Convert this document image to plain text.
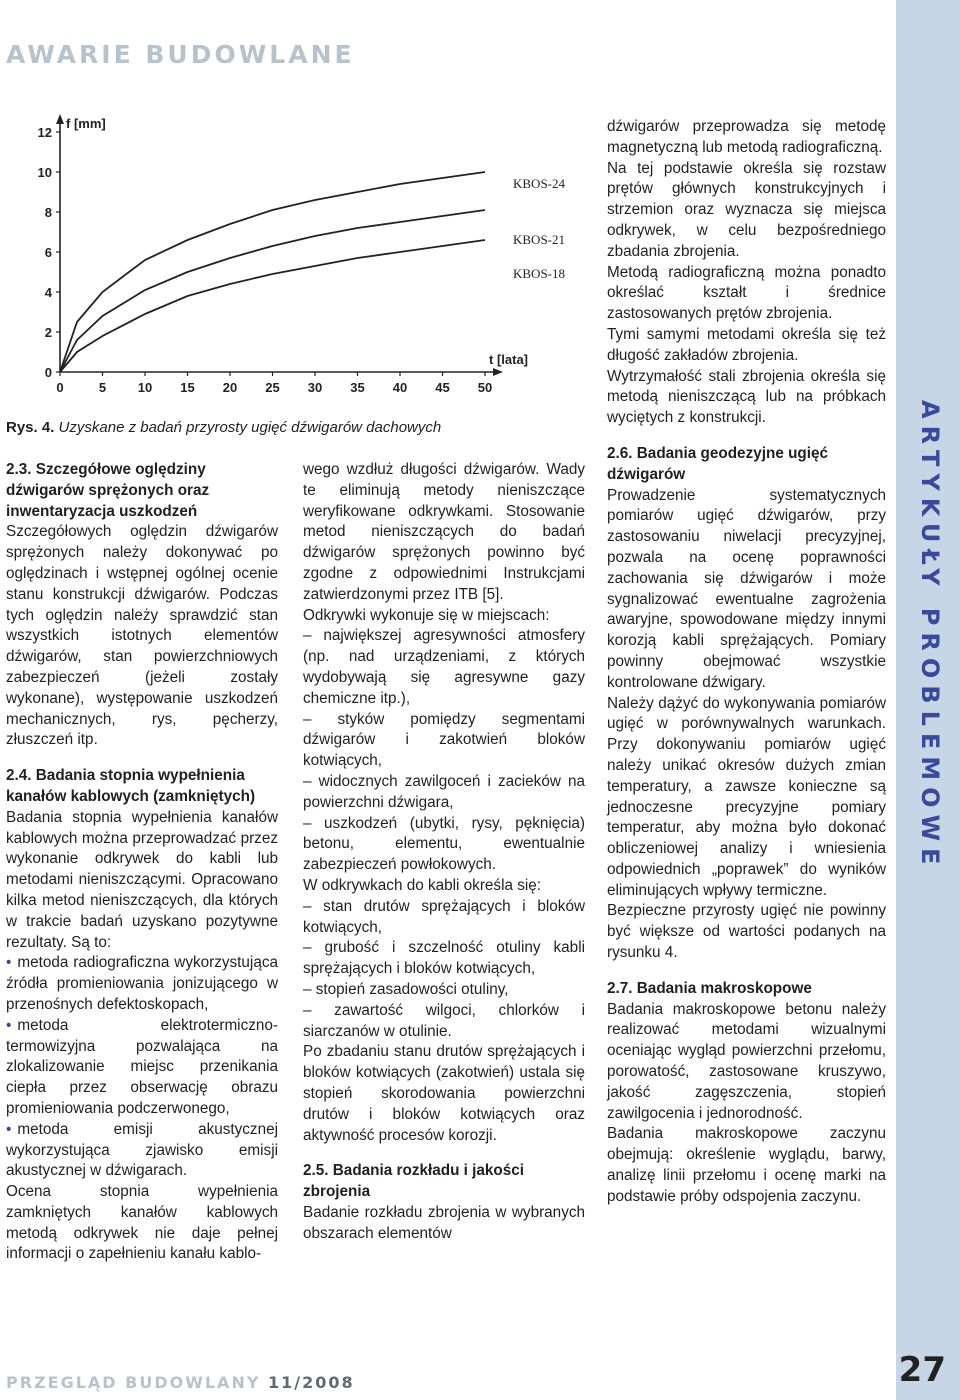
AWARIE BUDOWLANE
ARTYKUŁY PROBLEMOWE
27
0
2
4
6
8
10
12
0	5 10 15 20 25 30 35 40 45 50
f [mm]
t [lata]
KBOS-24
KBOS-21
KBOS-18
Rys. 4. Uzyskane z badań przyrosty ugięć dźwigarów dachowych
2.3. Szczegółowe oględziny dźwigarów sprężonych oraz inwentaryzacja uszkodzeń

Szczegółowych oględzin dźwigarów sprężonych należy dokonywać po oględzinach i wstępnej ogólnej ocenie stanu konstrukcji dźwigarów. Podczas tych oględzin należy sprawdzić stan wszystkich istotnych elementów dźwigarów, stan powierzchniowych zabezpieczeń (jeżeli zostały wykonane), występowanie uszkodzeń mechanicznych, rys, pęcherzy, złuszczeń itp.

2.4. Badania stopnia wypełnienia kanałów kablowych (zamkniętych)

Badania stopnia wypełnienia kanałów kablowych można przeprowadzać przez wykonanie odkrywek do kabli lub metodami nieniszczącymi. Opracowano kilka metod nieniszczących, dla których w trakcie badań uzyskano pozytywne rezultaty. Są to:

• metoda radiograficzna wykorzystująca źródła promieniowania jonizującego w przenośnych defektoskopach,

• metoda elektrotermiczno-termowizyjna pozwalająca na zlokalizowanie miejsc przenikania ciepła przez obserwację obrazu promieniowania podczerwonego,

• metoda emisji akustycznej wykorzystująca zjawisko emisji akustycznej w dźwigarach.

Ocena stopnia wypełnienia zamkniętych kanałów kablowych metodą odkrywek nie daje pełnej informacji o zapełnieniu kanału kablo-

wego wzdłuż długości dźwigarów. Wady te eliminują metody nieniszczące weryfikowane odkrywkami. Stosowanie metod nieniszczących do badań dźwigarów sprężonych powinno być zgodne z odpowiednimi Instrukcjami zatwierdzonymi przez ITB [5].

Odkrywki wykonuje się w miejscach:

– największej agresywności atmosfery (np. nad urządzeniami, z których wydobywają się agresywne gazy chemiczne itp.),

– styków pomiędzy segmentami dźwigarów i zakotwień bloków kotwiących,

– widocznych zawilgoceń i zacieków na powierzchni dźwigara,

– uszkodzeń (ubytki, rysy, pęknięcia) betonu, elementu, ewentualnie zabezpieczeń powłokowych.

W odkrywkach do kabli określa się:

– stan drutów sprężających i bloków kotwiących,

– grubość i szczelność otuliny kabli sprężających i bloków kotwiących,

– stopień zasadowości otuliny,

– zawartość wilgoci, chlorków i siarczanów w otulinie.

Po zbadaniu stanu drutów sprężających i bloków kotwiących (zakotwień) ustala się stopień skorodowania powierzchni drutów i bloków kotwiących oraz aktywność procesów korozji.

2.5. Badania rozkładu i jakości zbrojenia

Badanie rozkładu zbrojenia w wybranych obszarach elementów

dźwigarów przeprowadza się metodę magnetyczną lub metodą radiograficzną.

Na tej podstawie określa się rozstaw prętów głównych konstrukcyjnych i strzemion oraz wyznacza się miejsca odkrywek, w celu bezpośredniego zbadania zbrojenia.

Metodą radiograficzną można ponadto określać kształt i średnice zastosowanych prętów zbrojenia.

Tymi samymi metodami określa się też długość zakładów zbrojenia.

Wytrzymałość stali zbrojenia określa się metodą nieniszczącą lub na próbkach wyciętych z konstrukcji.

2.6. Badania geodezyjne ugięć dźwigarów

Prowadzenie systematycznych pomiarów ugięć dźwigarów, przy zastosowaniu niwelacji precyzyjnej, pozwala na ocenę poprawności zachowania się dźwigarów i może sygnalizować ewentualne zagrożenia awaryjne, spowodowane między innymi korozją kabli sprężających. Pomiary powinny obejmować wszystkie kontrolowane dźwigary.

Należy dążyć do wykonywania pomiarów ugięć w porównywalnych warunkach. Przy dokonywaniu pomiarów ugięć należy unikać okresów dużych zmian temperatury, a zawsze konieczne są jednoczesne precyzyjne pomiary temperatur, aby można było dokonać obliczeniowej analizy i wniesienia odpowiednich „poprawek” do wyników eliminujących wpływy termiczne.

Bezpieczne przyrosty ugięć nie powinny być większe od wartości podanych na rysunku 4.

2.7. Badania makroskopowe

Badania makroskopowe betonu należy realizować metodami wizualnymi oceniając wygląd powierzchni przełomu, porowatość, zastosowane kruszywo, jakość zagęszczenia, stopień zawilgocenia i jednorodność.

Badania makroskopowe zaczynu obejmują: określenie wyglądu, barwy, analizę linii przełomu i ocenę marki na podstawie próby odspojenia zaczynu.

PRZEGLĄD BUDOWLANY 11/2008
